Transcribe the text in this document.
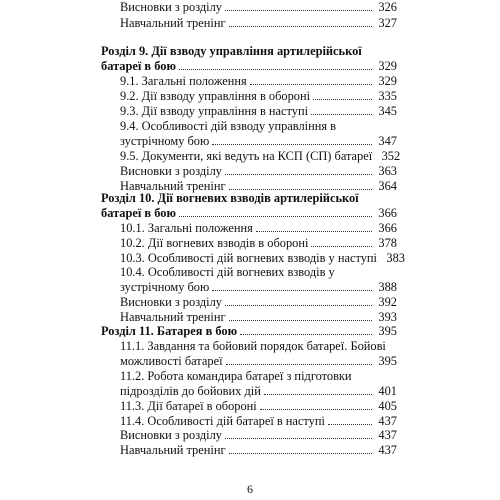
Висновки з розділу	326
Навчальний тренінг	327
Розділ 9. Дії взводу управління артилерійської
батареї в бою	329
9.1. Загальні положення	329
9.2. Дії взводу управління в обороні	335
9.3. Дії взводу управління в наступі	345
9.4. Особливості дій взводу управління в
зустрічному бою	347
9.5. Документи, які ведуть на КСП (СП) батареї 352
Висновки з розділу	363
Навчальний тренінг	364
Розділ 10. Дії вогневих взводів артилерійської
батареї в бою	366
10.1. Загальні положення	366
10.2. Дії вогневих взводів в обороні	378
10.3. Особливості дій вогневих взводів у наступі 383
10.4. Особливості дій вогневих взводів у
зустрічному бою	388
Висновки з розділу	392
Навчальний тренінг	393
Розділ 11. Батарея в бою	395
11.1. Завдання та бойовий порядок батареї. Бойові
можливості батареї	395
11.2. Робота командира батареї з підготовки
підрозділів до бойових дій	401
11.3. Дії батареї в обороні	405
11.4. Особливості дій батареї в наступі	437
Висновки з розділу	437
Навчальний тренінг	437
6
